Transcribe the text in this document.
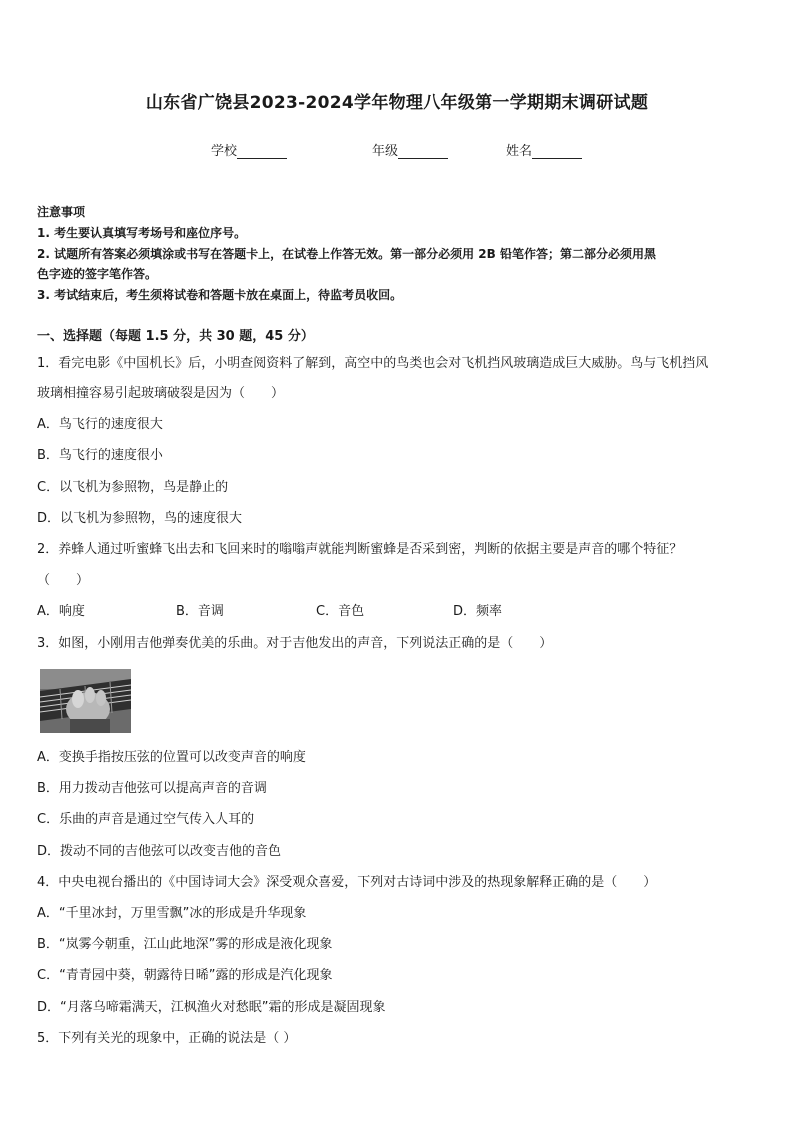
山东省广饶县2023-2024学年物理八年级第一学期期末调研试题
学校	年级	姓名
注意事项
1. 考生要认真填写考场号和座位序号。
2. 试题所有答案必须填涂或书写在答题卡上，在试卷上作答无效。第一部分必须用 2B 铅笔作答；第二部分必须用黑
色字迹的签字笔作答。
3. 考试结束后，考生须将试卷和答题卡放在桌面上，待监考员收回。
一、选择题（每题 1.5 分，共 30 题，45 分）
1．看完电影《中国机长》后，小明查阅资料了解到，高空中的鸟类也会对飞机挡风玻璃造成巨大威胁。鸟与飞机挡风
玻璃相撞容易引起玻璃破裂是因为（　　）
A．鸟飞行的速度很大
B．鸟飞行的速度很小
C．以飞机为参照物，鸟是静止的
D．以飞机为参照物，鸟的速度很大
2．养蜂人通过听蜜蜂飞出去和飞回来时的嗡嗡声就能判断蜜蜂是否采到密，判断的依据主要是声音的哪个特征？
（　　）
A．响度	B．音调	C．音色	D．频率
3．如图，小刚用吉他弹奏优美的乐曲。对于吉他发出的声音，下列说法正确的是（　　）
A．变换手指按压弦的位置可以改变声音的响度
B．用力拨动吉他弦可以提高声音的音调
C．乐曲的声音是通过空气传入人耳的
D．拨动不同的吉他弦可以改变吉他的音色
4．中央电视台播出的《中国诗词大会》深受观众喜爱，下列对古诗词中涉及的热现象解释正确的是（　　）
A．“千里冰封，万里雪飘”冰的形成是升华现象
B．“岚雾今朝重，江山此地深”雾的形成是液化现象
C．“青青园中葵，朝露待日晞”露的形成是汽化现象
D．“月落乌啼霜满天，江枫渔火对愁眠”霜的形成是凝固现象
5．下列有关光的现象中，正确的说法是（ ）
